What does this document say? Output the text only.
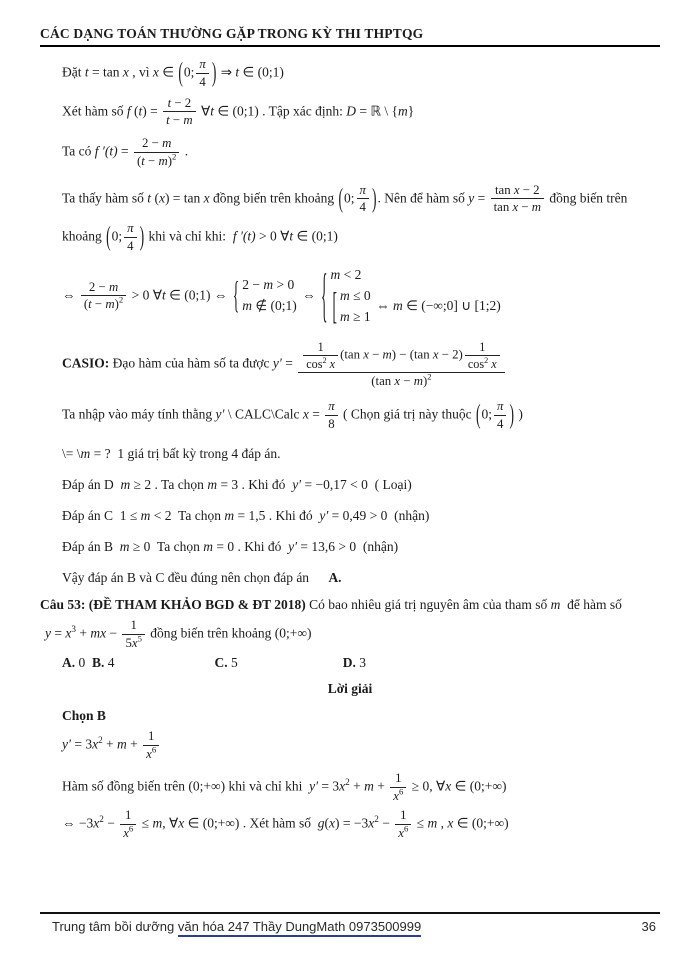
CÁC DẠNG TOÁN THƯỜNG GẶP TRONG KỲ THI THPTQG
Đặt t = tan x , vì x ∈ (0; $\frac{\pi}{4}$ ) ⇒ t ∈ (0;1)
Xét hàm số f $(t) = \frac{t - 2}{t - m}$ ∀t ∈ (0;1) . Tập xác định: D = ℝ \ {m}
Ta có f $'(t) = \frac{2 - m}{(t - m)^2}$ .
Ta thấy hàm số t (x) = tan x đồng biến trên khoảng (0; $\frac{\pi}{4}$ ). Nên để hàm số $y = \frac{\text{tan x − 2}}{\text{tan x − m}}$ đồng biến trên
khoảng (0; $\frac{\pi}{4}$ ) khi và chỉ khi:  f ′(t) > 0 ∀t ∈ (0;1)
⇔ $\frac{2 - m}{(t - m)^2} > 0$ ∀t ∈ (0;1) ⇔ { 2 − m > 0
m ∉ (0;1)
⇔ { m < 2
[ m ≤ 0
m ≥ 1
⇔ m ∈ (−∞;0] ∪ [1;2)
CASIO: Đạo hàm của hàm số ta được $y' = \frac{\frac{1}{\cos^2 x} (\tan x - m) - (\tan x - 2) \frac{1}{\cos^2 x}}{(\tan x - m)^2}$
Ta nhập vào máy tính thằng y′ \ CALC\Calc $x = \frac{\pi}{8}$ ( Chọn giá trị này thuộc (0; $\frac{\pi}{4}$ ) )
\= \m = ?  1 giá trị bất kỳ trong 4 đáp án.
Đáp án D  m ≥ 2 . Ta chọn m = 3 . Khi đó  y′ = −0,17 < 0  ( Loại)
Đáp án C  1 ≤ m < 2  Ta chọn m = 1,5 . Khi đó  y′ = 0,49 > 0  (nhận)
Đáp án B  m ≥ 0  Ta chọn m = 0 . Khi đó  y′ = 13,6 > 0  (nhận)
Vậy đáp án B và C đều đúng nên chọn đáp án A.
Câu 53: (ĐỀ THAM KHẢO BGD & ĐT 2018) Có bao nhiêu giá trị nguyên âm của tham số m  để hàm số
$y = x^3$ + mx − $\frac{1}{5x^5}$ đồng biến trên khoảng (0;+∞)
A. 0  B. 4	C. 5	D. 3
Lời giải
Chọn B
$y' = 3x^2 + m + \frac{1}{x^6}$
Hàm số đồng biến trên (0;+∞) khi và chỉ khi  $y' = 3x^2 + m + \frac{1}{x^6} \ge 0$, ∀x ∈ (0;+∞)
⇔ $-3x^2 - \frac{1}{x^6} \le m$, ∀x ∈ (0;+∞) . Xét hàm số  $g(x) = -3x^2 - \frac{1}{x^6} \le m$ , x ∈ (0;+∞)
Trung tâm bồi dưỡng văn hóa 247 Thầy DungMath 0973500999	36
